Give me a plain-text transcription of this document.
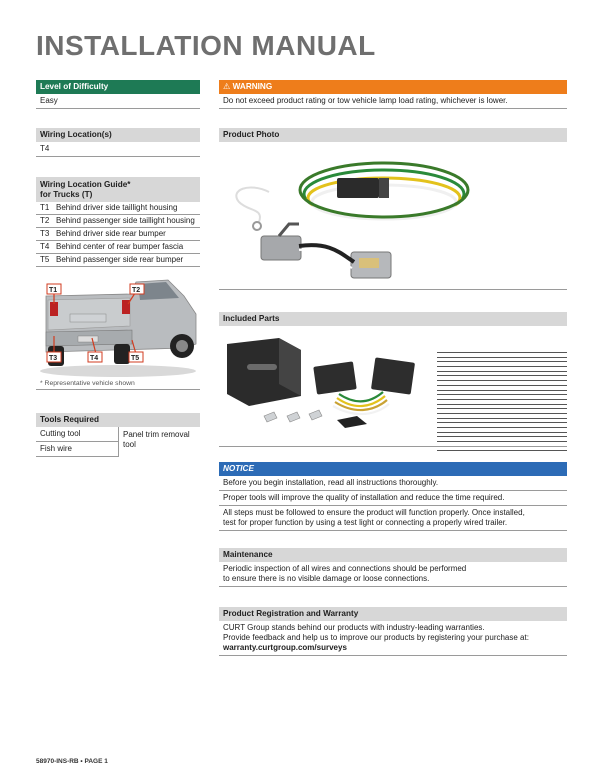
INSTALLATION MANUAL
Level of Difficulty
Easy
Wiring Location(s)
T4
Wiring Location Guide*
for Trucks (T)
T1 Behind driver side taillight housing
T2 Behind passenger side taillight housing
T3 Behind driver side rear bumper
T4 Behind center of rear bumper fascia
T5 Behind passenger side rear bumper
T1	T2
T3	T4	T5
* Representative vehicle shown
Tools Required
Cutting tool
Fish wire
Panel trim removal tool
⚠ WARNING
Do not exceed product rating or tow vehicle lamp load rating, whichever is lower.
Product Photo
Included Parts
NOTICE
Before you begin installation, read all instructions thoroughly.
Proper tools will improve the quality of installation and reduce the time required.
All steps must be followed to ensure the product will function properly. Once installed,
test for proper function by using a test light or connecting a properly wired trailer.
Maintenance
Periodic inspection of all wires and connections should be performed
to ensure there is no visible damage or loose connections.
Product Registration and Warranty
CURT Group stands behind our products with industry-leading warranties.
Provide feedback and help us to improve our products by registering your purchase at:
warranty.curtgroup.com/surveys
58970-INS-RB • PAGE 1
